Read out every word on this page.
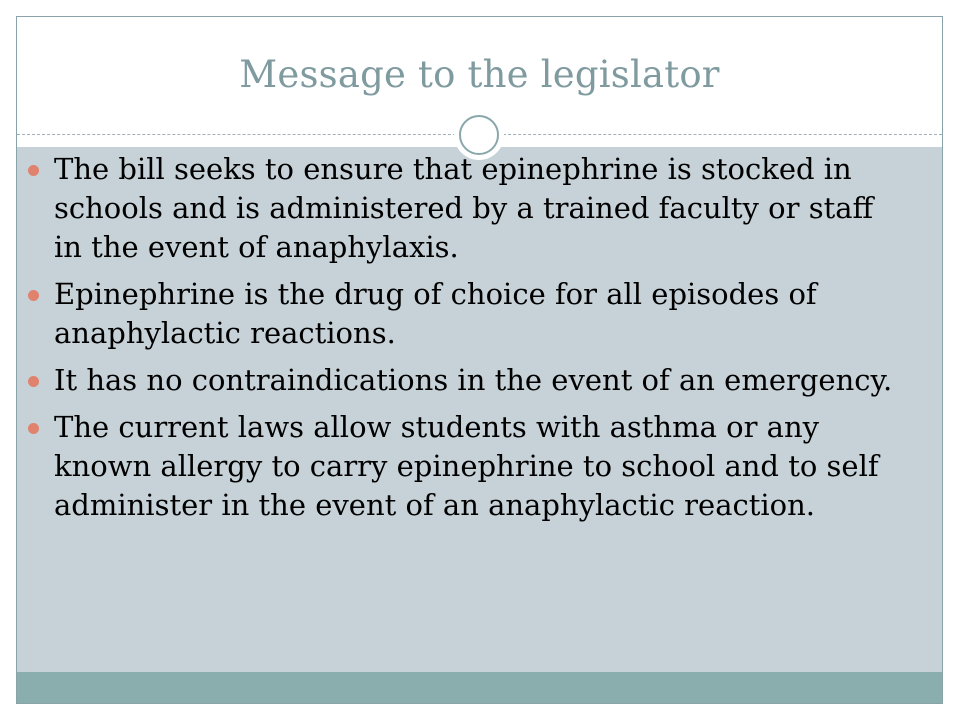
Message to the legislator
The bill seeks to ensure that epinephrine is stocked in schools and is administered by a trained faculty or staff in the event of anaphylaxis.
Epinephrine is the drug of choice for all episodes of anaphylactic reactions.
It has no contraindications in the event of an emergency.
The current laws allow students with asthma or any known allergy to carry epinephrine to school and to self administer in the event of an anaphylactic reaction.
